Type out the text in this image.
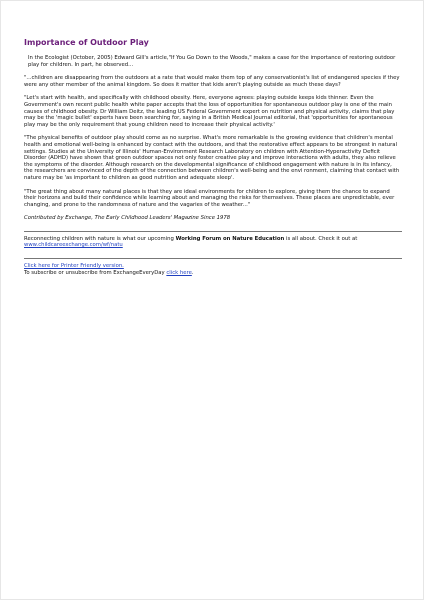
Importance of Outdoor Play

In the Ecologist (October, 2005) Edward Gill's article,"If You Go Down to the Woods," makes a case for the importance of restoring outdoor play for children. In part, he observed...

"...children are disappearing from the outdoors at a rate that would make them top of any conservationist's list of endangered species if they were any other member of the animal kingdom. So does it matter that kids aren't playing outside as much these days?

"Let's start with health, and specifically with childhood obesity. Here, everyone agrees: playing outside keeps kids thinner. Even the Government's own recent public health white paper accepts that the loss of opportunities for spontaneous outdoor play is one of the main causes of childhood obesity. Dr William Deitz, the leading US Federal Government expert on nutrition and physical activity, claims that play may be the 'magic bullet' experts have been searching for, saying in a British Medical Journal editorial, that 'opportunities for spontaneous play may be the only requirement that young children need to increase their physical activity.'

"The physical benefits of outdoor play should come as no surprise. What's more remarkable is the growing evidence that children's mental health and emotional well-being is enhanced by contact with the outdoors, and that the restorative effect appears to be strongest in natural settings. Studies at the University of Illinois' Human-Environment Research Laboratory on children with Attention-Hyperactivity Deficit Disorder (ADHD) have shown that green outdoor spaces not only foster creative play and improve interactions with adults, they also relieve the symptoms of the disorder. Although research on the developmental significance of childhood engagement with nature is in its infancy, the researchers are convinced of the depth of the connection between children's well-being and the envi ronment, claiming that contact with nature may be 'as important to children as good nutrition and adequate sleep'.

"The great thing about many natural places is that they are ideal environments for children to explore, giving them the chance to expand their horizons and build their confidence while learning about and managing the risks for themselves. These places are unpredictable, ever changing, and prone to the randomness of nature and the vagaries of the weather..."

Contributed by Exchange, The Early Childhood Leaders' Magazine Since 1978

Reconnecting children with nature is what our upcoming Working Forum on Nature Education is all about. Check it out at www.childcareexchange.com/wf/natu

Click here for Printer Friendly version.

To subscribe or unsubscribe from ExchangeEveryDay click here.
